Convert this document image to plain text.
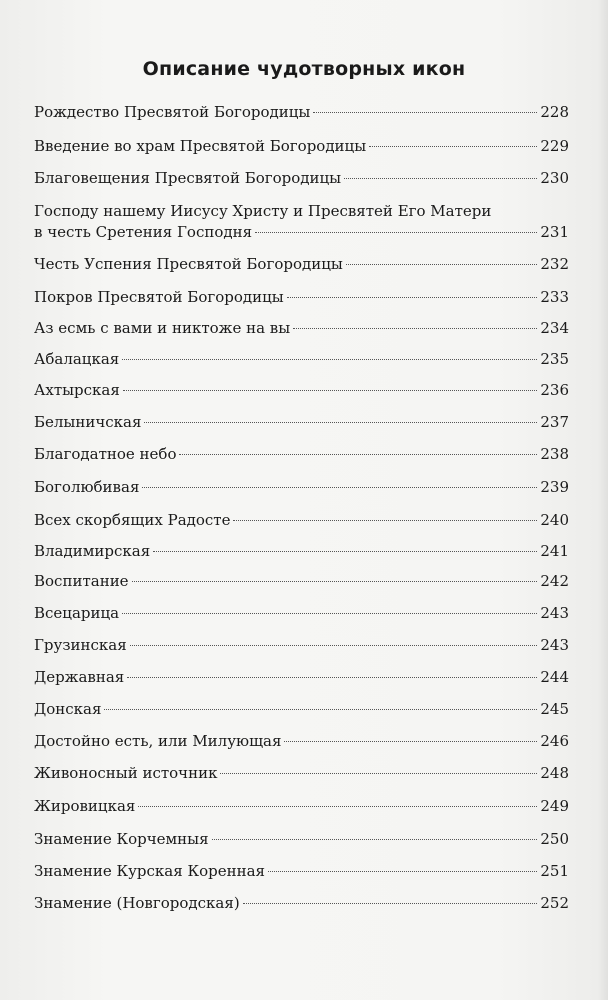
Описание чудотворных икон
Рождество Пресвятой Богородицы	228
Введение во храм Пресвятой Богородицы	229
Благовещения Пресвятой Богородицы	230
Господу нашему Иисусу Христу и Пресвятей Его Матери
в честь Сретения Господня	231
Честь Успения Пресвятой Богородицы	232
Покров Пресвятой Богородицы	233
Аз есмь с вами и никтоже на вы	234
Абалацкая	235
Ахтырская	236
Белыничская	237
Благодатное небо	238
Боголюбивая	239
Всех скорбящих Радосте	240
Владимирская	241
Воспитание	242
Всецарица	243
Грузинская	243
Державная	244
Донская	245
Достойно есть, или Милующая	246
Живоносный источник	248
Жировицкая	249
Знамение Корчемныя	250
Знамение Курская Коренная	251
Знамение (Новгородская)	252
